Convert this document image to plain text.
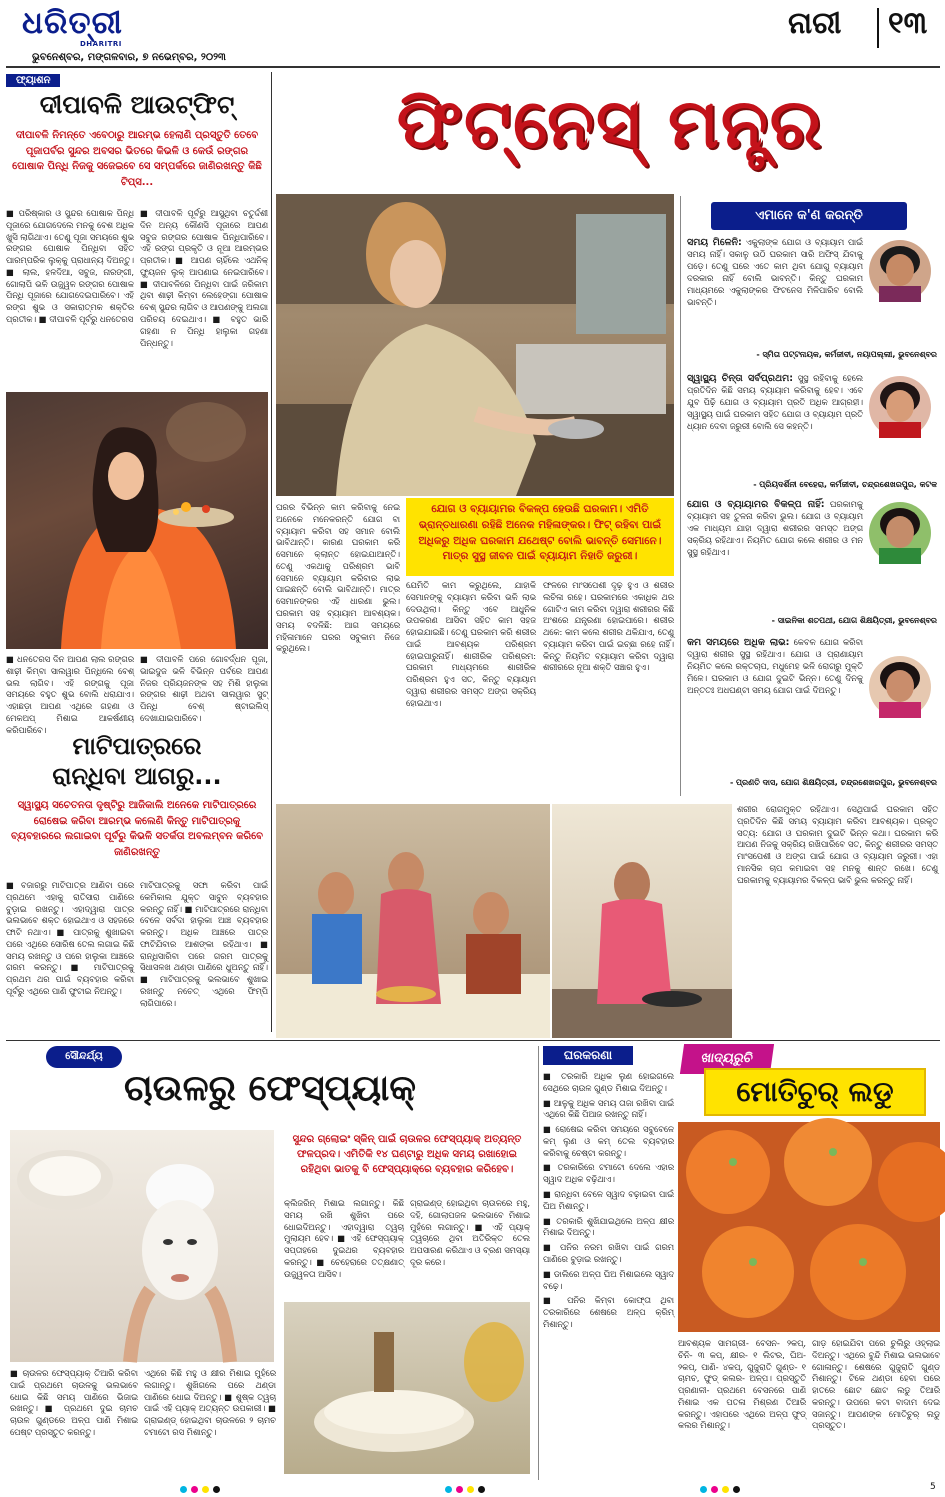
ଧରିତ୍ରୀ
DHARITRI
ଭୁବନେଶ୍ବର, ମଙ୍ଗଳବାର, ୭ ନଭେମ୍ବର, ୨୦୨୩
ନାରୀ ୧୩
ଫ୍ୟାଶନ
ଦୀପାବଳି ଆଉଟ୍‌ଫିଟ୍‌
ଦୀପାବଳି ନିମନ୍ତେ ଏବେଠାରୁ ଆରମ୍ଭ ହେଲାଣି ପ୍ରସ୍ତୁତି ତେବେ ପୂଜାପର୍ବର ସୁନ୍ଦର ଅବସର ଭିତରେ କିଭଳି ଓ କେଉଁ ରଙ୍ଗର ପୋଷାକ ପିନ୍ଧି ନିଜକୁ ସଜେଇବେ ସେ ସମ୍ପର୍କରେ ଜାଣିରଖନ୍ତୁ କିଛି ଟିପ୍ସ...
■ ପରିଷ୍କାର ଓ ସୁନ୍ଦର ପୋଷାକ ପିନ୍ଧି ପୂଜାରେ ଯୋଗଦେଲେ ମନକୁ ବେଶ ଅଧିକ ଖୁସି ଲାଗିଥାଏ। ତେଣୁ ପୂଜା ସମୟରେ ଶୁଭ ରଙ୍ଗର ପୋଷାକ ପିନ୍ଧିବା ସହିତ ପାରମ୍ପରିକ ଲୁକ୍‌କୁ ପ୍ରାଧାନ୍ୟ ଦିଅନ୍ତୁ। ■ ଲାଲ, ହଳଦିଆ, ସବୁଜ, ନାରଙ୍ଗୀ, ଗୋଲାପି ଭଳି ଉଜ୍ଜ୍ୱଳ ରଙ୍ଗର ପୋଷାକ ପିନ୍ଧି ପୂଜାରେ ଯୋଗଦେଇପାରିବେ। ଏହି ରଙ୍ଗ ଶୁଭ ଓ ସକାରାତ୍ମକ ଶକ୍ତିର ପ୍ରତୀକ। ■ ଦୀପାବଳି ପୂର୍ବରୁ ଧନତେରସ
■ ଦୀପାବଳି ପୂର୍ବରୁ ଆସୁଥିବା ଚତୁର୍ଦ୍ଦଶୀ ଦିନ ଅନ୍ୟ କୌଣସି ପୂଜାରେ ଆପଣ ସବୁଜ ରଙ୍ଗର ପୋଷାକ ପିନ୍ଧିପାରିବେ। ଏହି ରଙ୍ଗ ପ୍ରକୃତି ଓ ନୂଆ ଆରମ୍ଭର ପ୍ରତୀକ। ■ ଆପଣ ଚାହିଁଲେ ଏଥନିକ୍ ଫ୍ୟୁଜନ ଲୁକ୍ ଆପଣାଇ ନେଇପାରିବେ। ■ ଦୀପାବଳିରେ ପିନ୍ଧିବା ପାଇଁ ଜରିକାମ ଥିବା ଶାଢ଼ୀ କିମ୍ବା ଲେହେଙ୍ଗା ପୋଷାକ ବେଶ୍ ସୁନ୍ଦର ଲାଗିବ ଓ ଆପଣଙ୍କୁ ଅଲଗା ପରିଚୟ ଦେଇଥାଏ। ■ ବହୁତ ଭାରି ଗହଣା ନ ପିନ୍ଧି ହାଲୁକା ଗହଣା ପିନ୍ଧନ୍ତୁ।
■ ଧନତେରସ ଦିନ ଆପଣ ଲାଲ ରଙ୍ଗର ଶାଢ଼ୀ କିମ୍ବା ସାଲୱାର ପିନ୍ଧିଲେ ବେଶ୍ ଭଲ ଲାଗିବ। ଏହି ରଙ୍ଗକୁ ପୂଜା ସମୟରେ ବହୁତ ଶୁଭ ବୋଲି ଧରାଯାଏ। ଏହାଛଡ଼ା ଆପଣ ଏଥିରେ ଗହଣା ଓ ମେକଅପ୍ ମିଶାଇ ଆକର୍ଷଣୀୟ କରିପାରିବେ।
■ ଦୀପାବଳି ପରେ ଗୋବର୍ଦ୍ଧନ ପୂଜା, ଭାଇଦୁଜ ଭଳି ବିଭିନ୍ନ ପର୍ବରେ ଆପଣ ନିଜର ପ୍ରିୟଜନଙ୍କ ସହ ମିଶି ହାଲୁକା ରଙ୍ଗର ଶାଢ଼ୀ ଅଥବା ସାଲୱାର ସୁଟ୍ ପିନ୍ଧି ବେଶ୍ ଷ୍ଟାଇଲିସ୍ ଦେଖାଯାଇପାରିବେ।
ମାଟିପାତ୍ରରେ
ରାନ୍ଧିବା ଆଗରୁ...
ସ୍ୱାସ୍ଥ୍ୟ ସଚେତନତା ଦୃଷ୍ଟିରୁ ଆଜିକାଲି ଅନେକେ ମାଟିପାତ୍ରରେ ରୋଷେଇ କରିବା ଆରମ୍ଭ କଲେଣି କିନ୍ତୁ ମାଟିପାତ୍ରକୁ ବ୍ୟବହାରରେ ଲଗାଇବା ପୂର୍ବରୁ କିଭଳି ସତର୍କତା ଅବଲମ୍ବନ କରିବେ ଜାଣିରଖନ୍ତୁ
■ ବଜାରରୁ ମାଟିପାତ୍ର ଆଣିବା ପରେ ପ୍ରଥମେ ଏହାକୁ ରାତିସାରା ପାଣିରେ ବୁଡ଼ାଇ ରଖନ୍ତୁ। ଏହାଦ୍ୱାରା ପାତ୍ର ଭଲଭାବେ ଶକ୍ତ ହୋଇଥାଏ ଓ ସହଜରେ ଫାଟି ନଥାଏ। ■ ପାତ୍ରକୁ ଶୁଖାଇବା ପରେ ଏଥିରେ ସୋରିଷ ତେଲ ଲଗାଇ କିଛି ସମୟ ରଖନ୍ତୁ ଓ ପରେ ହାଲୁକା ଆଞ୍ଚରେ ଗରମ କରନ୍ତୁ। ■ ମାଟିପାତ୍ରକୁ ପ୍ରଥମ ଥର ପାଇଁ ବ୍ୟବହାର କରିବା ପୂର୍ବରୁ ଏଥିରେ ପାଣି ଫୁଟାଇ ନିଅନ୍ତୁ।
ମାଟିପାତ୍ରକୁ ସଫା କରିବା ପାଇଁ କେମିକାଲ ଯୁକ୍ତ ସାବୁନ ବ୍ୟବହାର କରନ୍ତୁ ନାହିଁ। ■ ମାଟିପାତ୍ରରେ ରାନ୍ଧିବା ବେଳେ ସର୍ବଦା ହାଲୁକା ଆଞ୍ଚ ବ୍ୟବହାର କରନ୍ତୁ। ଅଧିକ ଆଞ୍ଚରେ ପାତ୍ର ଫାଟିଯିବାର ଆଶଙ୍କା ରହିଥାଏ। ■ ରାନ୍ଧିସାରିବା ପରେ ଗରମ ପାତ୍ରକୁ ସିଧାସଳଖ ଥଣ୍ଡା ପାଣିରେ ଧୁଅନ୍ତୁ ନାହିଁ। ■ ମାଟିପାତ୍ରକୁ ଭଲଭାବେ ଶୁଖାଇ ରଖନ୍ତୁ ନଚେତ୍ ଏଥିରେ ଫିମ୍ପି ଲାଗିପାରେ।
ଫିଟ୍‌ନେସ୍ ମନ୍ତ୍ର
ଯୋଗ ଓ ବ୍ୟାୟାମର ବିକଳ୍ପ ହେଉଛି ଘରକାମ। ଏମିତି ଭ୍ରାନ୍ତଧାରଣା ରହିଛି ଅନେକ ମହିଳାଙ୍କର। ଫିଟ୍ ରହିବା ପାଇଁ ଅଧିକରୁ ଅଧିକ ଘରକାମ ଯଥେଷ୍ଟ ବୋଲି ଭାବନ୍ତି ସେମାନେ। ମାତ୍ର ସୁସ୍ଥ ଜୀବନ ପାଇଁ ବ୍ୟାୟାମ ନିହାତି ଜରୁରୀ।
ଘରର ବିଭିନ୍ନ କାମ କରିବାକୁ ନେଇ ଅନେକେ ମନେକରନ୍ତି ଯୋଗ ବା ବ୍ୟାୟାମ କରିବା ସହ ସମାନ ବୋଲି ଭାବିଥାନ୍ତି। କାରଣ ଘରକାମ କରି ସେମାନେ କ୍ଲାନ୍ତ ହୋଇଯାଆନ୍ତି। ତେଣୁ ଏକଥାକୁ ପରିଶ୍ରମ ଭାବି ସେମାନେ ବ୍ୟାୟାମ କରିବାର ଲାଭ ପାଇଛନ୍ତି ବୋଲି ଭାବିଥାନ୍ତି। ମାତ୍ର ସେମାନଙ୍କର ଏହି ଧାରଣା ଭୁଲ। ଘରକାମ ସହ ବ୍ୟାୟାମ ଆବଶ୍ୟକ। ସମୟ ବଦଳିଛି: ଆଗ ସମୟରେ ମହିଳାମାନେ ଘରର ସବୁକାମ ନିଜେ କରୁଥିଲେ।
ଯେମିତି କାମ କରୁଥିଲେ, ଯାହାକି ସେମାନଙ୍କୁ ବ୍ୟାୟାମ କରିବା ଭଳି ଲାଭ ଦେଉଥିଲା। କିନ୍ତୁ ଏବେ ଆଧୁନିକ ଉପକରଣ ଆସିବା ସହିତ କାମ ସହଜ ହୋଇଯାଇଛି। ତେଣୁ ଘରକାମ କରି ଶରୀର ପାଇଁ ଆବଶ୍ୟକ ପରିଶ୍ରମ ହୋଇପାରୁନାହିଁ। ଶାରୀରିକ ପରିଶ୍ରମ: ଘରକାମ ମାଧ୍ୟମରେ ଶାରୀରିକ ପରିଶ୍ରମ ହୁଏ ସତ, କିନ୍ତୁ ବ୍ୟାୟାମ ଦ୍ୱାରା ଶରୀରର ସମସ୍ତ ଅଙ୍ଗ ସକ୍ରିୟ ହୋଇଥାଏ।
ଫଳରେ ମାଂସପେଶୀ ଦୃଢ଼ ହୁଏ ଓ ଶରୀର ଲଚିଳା ରହେ। ଘରକାମରେ ଏକାଧିକ ଥର ଗୋଟିଏ କାମ କରିବା ଦ୍ୱାରା ଶରୀରର କିଛି ଅଂଶରେ ଯନ୍ତ୍ରଣା ହୋଇପାରେ। ଶରୀର ଥକେ: କାମ କଲେ ଶରୀର ଥକିଯାଏ, ତେଣୁ ବ୍ୟାୟାମ କରିବା ପାଇଁ ଇଚ୍ଛା ରହେ ନାହିଁ। କିନ୍ତୁ ନିୟମିତ ବ୍ୟାୟାମ କରିବା ଦ୍ୱାରା ଶରୀରରେ ନୂଆ ଶକ୍ତି ସଞ୍ଚାର ହୁଏ।
ଏମାନେ କ'ଣ କରନ୍ତି
ସମୟ ମିଳେନି: ଏକୁଲାଙ୍କ ଯୋଗ ଓ ବ୍ୟାୟାମ ପାଇଁ ସମୟ ନାହିଁ। ସକାଳୁ ଉଠି ଘରକାମ ସାରି ଅଫିସ୍ ଯିବାକୁ ପଡ଼େ। ତେଣୁ ଘରେ ଏତେ କାମ ଥିବା ଯୋଗୁ ବ୍ୟାୟାମ ଦରକାର ନାହିଁ ବୋଲି ଭାବନ୍ତି। କିନ୍ତୁ ଘରକାମ ମାଧ୍ୟମରେ ଏକୁଲାଙ୍କର ଫିଟନେସ ମିଳିପାରିବ ବୋଲି ଭାବନ୍ତି।
- ସ୍ମିତା ପଟ୍ଟନାୟକ, କର୍ମଜୀବୀ, ନୟାପଲ୍ଲୀ, ଭୁବନେଶ୍ବର
ସ୍ୱାସ୍ଥ୍ୟ ଚିନ୍ତା ସର୍ବପ୍ରଥମ: ସୁସ୍ଥ ରହିବାକୁ ହେଲେ ପ୍ରତିଦିନ କିଛି ସମୟ ବ୍ୟାୟାମ କରିବାକୁ ହେବ। ଏବେ ଯୁବ ପିଢ଼ି ଯୋଗ ଓ ବ୍ୟାୟାମ ପ୍ରତି ଅଧିକ ଆଗ୍ରହୀ। ସ୍ୱାସ୍ଥ୍ୟ ପାଇଁ ଘରକାମ ସହିତ ଯୋଗ ଓ ବ୍ୟାୟାମ ପ୍ରତି ଧ୍ୟାନ ଦେବା ଜରୁରୀ ବୋଲି ସେ କହନ୍ତି।
- ପ୍ରିୟଦର୍ଶିନୀ ବେହେରା, କର୍ମଜୀବୀ, ଚନ୍ଦ୍ରଶେଖରପୁର, କଟକ
ଯୋଗ ଓ ବ୍ୟାୟାମର ବିକଳ୍ପ ନାହିଁ: ଘରକାମକୁ ବ୍ୟାୟାମ ସହ ତୁଳନା କରିବା ଭୁଲ। ଯୋଗ ଓ ବ୍ୟାୟାମ ଏକ ମାଧ୍ୟମ ଯାହା ଦ୍ୱାରା ଶରୀରର ସମସ୍ତ ଅଙ୍ଗ ସକ୍ରିୟ ରହିଥାଏ। ନିୟମିତ ଯୋଗ କଲେ ଶରୀର ଓ ମନ ସୁସ୍ଥ ରହିଥାଏ।
- ସାଇନିକା ଶତପଥୀ, ଯୋଗ ଶିକ୍ଷୟିତ୍ରୀ, ଭୁବନେଶ୍ବର
କମ ସମୟରେ ଅଧିକ ଲାଭ: କେବଳ ଯୋଗ କରିବା ଦ୍ୱାରା ଶରୀର ସୁସ୍ଥ ରହିଥାଏ। ଯୋଗ ଓ ପ୍ରାଣାୟାମ ନିୟମିତ କଲେ ରକ୍ତଚାପ, ମଧୁମେହ ଭଳି ରୋଗରୁ ମୁକ୍ତି ମିଳେ। ଘରକାମ ଓ ଯୋଗ ଦୁଇଟି ଭିନ୍ନ। ତେଣୁ ଦିନକୁ ଅନ୍ତତଃ ଅଧଘଣ୍ଟା ସମୟ ଯୋଗ ପାଇଁ ଦିଅନ୍ତୁ।
- ପ୍ରଣତି ଦାସ, ଯୋଗ ଶିକ୍ଷୟିତ୍ରୀ, ଚନ୍ଦ୍ରଶେଖରପୁର, ଭୁବନେଶ୍ବର
ଶରୀର ରୋଗମୁକ୍ତ ରହିଥାଏ। ସେଥିପାଇଁ ଘରକାମ ସହିତ ପ୍ରତିଦିନ କିଛି ସମୟ ବ୍ୟାୟାମ କରିବା ଆବଶ୍ୟକ। ପ୍ରକୃତ ସତ୍ୟ: ଯୋଗ ଓ ଘରକାମ ଦୁଇଟି ଭିନ୍ନ କଥା। ଘରକାମ କରି ଆପଣ ନିଜକୁ ସକ୍ରିୟ ରଖିପାରିବେ ସତ, କିନ୍ତୁ ଶରୀରର ସମସ୍ତ ମାଂସପେଶୀ ଓ ଅଙ୍ଗ ପାଇଁ ଯୋଗ ଓ ବ୍ୟାୟାମ ଜରୁରୀ। ଏହା ମାନସିକ ଚାପ କମାଇବା ସହ ମନକୁ ଶାନ୍ତ ରଖେ। ତେଣୁ ଘରକାମକୁ ବ୍ୟାୟାମର ବିକଳ୍ପ ଭାବି ଭୁଲ କରନ୍ତୁ ନାହିଁ।
ସୌନ୍ଦର୍ଯ୍ୟ
ଚାଉଳରୁ ଫେସ୍‌ପ୍ୟାକ୍
ସୁନ୍ଦର ଗ୍ଲୋଇଂ ସ୍କିନ୍ ପାଇଁ ଚାଉଳର ଫେସ୍‌ପ୍ୟାକ୍ ଅତ୍ୟନ୍ତ ଫଳପ୍ରଦ। ଏମିତିକି ୧୪ ଘଣ୍ଟାରୁ ଅଧିକ ସମୟ ରଖାହୋଇ ରହିଥିବା ଭାତକୁ ବି ଫେସ୍‌ପ୍ୟାକ୍‌ରେ ବ୍ୟବହାର କରିହେବ।
କ୍ଲିଜରିନ୍ ମିଶାଇ ଲଗାନ୍ତୁ। କିଛି ସମୟ ରଖି ଶୁଖିବା ପରେ ଧୋଇଦିଅନ୍ତୁ। ଏହାଦ୍ୱାରା ତ୍ୱଚା ମୁଲାୟମ ହେବ। ■ ଏହି ଫେସ୍‌ପ୍ୟାକ୍ ସପ୍ତାହରେ ଦୁଇଥର ବ୍ୟବହାର କରନ୍ତୁ। ■ ଚେହେରାରେ ତତ୍‌କ୍ଷଣାତ୍ ଉଜ୍ଜ୍ୱଳତା ଆସିବ।
ଗ୍ରାଇଣ୍ଡ୍ ହୋଇଥିବା ଚାଉଳରେ ମହୁ, ଦହି, ଗୋଲାପଜଳ ଭଲଭାବେ ମିଶାଇ ମୁହଁରେ ଲଗାନ୍ତୁ। ■ ଏହି ପ୍ୟାକ୍ ତ୍ୱଚାରେ ଥିବା ଅତିରିକ୍ତ ତେଲ ଅପସାରଣ କରିଥାଏ ଓ ବ୍ରଣ ସମସ୍ୟା ଦୂର କରେ।
■ ଚାଉଳର ଫେସ୍‌ପ୍ୟାକ୍ ତିଆରି କରିବା ପାଇଁ ପ୍ରଥମେ ଚାଉଳକୁ ଭଲଭାବେ ଧୋଇ କିଛି ସମୟ ପାଣିରେ ଭିଜାଇ ରଖନ୍ତୁ। ■ ପ୍ରଥମେ ଦୁଇ ଚାମଚ ଚାଉଳ ଗୁଣ୍ଡରେ ଅଳ୍ପ ପାଣି ମିଶାଇ ପେଷ୍ଟ ପ୍ରସ୍ତୁତ କରନ୍ତୁ।
ଏଥିରେ କିଛି ମହୁ ଓ କ୍ଷୀର ମିଶାଇ ମୁହଁରେ ଲଗାନ୍ତୁ। ଶୁଖିଗଲେ ପରେ ଥଣ୍ଡା ପାଣିରେ ଧୋଇ ଦିଅନ୍ତୁ। ■ ଶୁଷ୍କ ତ୍ୱଚା ପାଇଁ ଏହି ପ୍ୟାକ୍ ଅତ୍ୟନ୍ତ ଉପକାରୀ। ■ ଗ୍ରାଇଣ୍ଡ୍ ହୋଇଥିବା ଚାଉଳରେ ୨ ଚାମଚ ଟମାଟୋ ରସ ମିଶାନ୍ତୁ।
ଘରକରଣା

■ ତରକାରି ଅଧିକ ଲୁଣ ହୋଇଗଲେ ସେଥିରେ ଚାଉଳ ଗୁଣ୍ଡ ମିଶାଇ ଦିଅନ୍ତୁ।

■ ଆଳୁକୁ ଅଧିକ ସମୟ ତାଜା ରଖିବା ପାଇଁ ଏଥିରେ କିଛି ପିଆଜ ରଖନ୍ତୁ ନାହିଁ।

■ ରୋଷେଇ କରିବା ସମୟରେ ସବୁବେଳେ କମ୍ ଲୁଣ ଓ କମ୍ ତେଲ ବ୍ୟବହାର କରିବାକୁ ଚେଷ୍ଟା କରନ୍ତୁ।

■ ତରକାରିରେ ଟମାଟୋ ଦେଲେ ଏହାର ସ୍ୱାଦ ଅଧିକ ବଢ଼ିଥାଏ।

■ ରାନ୍ଧିବା ବେଳେ ସ୍ୱାଦ ବଢ଼ାଇବା ପାଇଁ ଘିଅ ମିଶାନ୍ତୁ।

■ ତରକାରି ଶୁଖିଯାଇଥିଲେ ଅଳ୍ପ କ୍ଷୀର ମିଶାଇ ଦିଅନ୍ତୁ।

■ ପନିର ନରମ ରଖିବା ପାଇଁ ଗରମ ପାଣିରେ ବୁଡ଼ାଇ ରଖନ୍ତୁ।

■ ଡାଲିରେ ଅଳ୍ପ ଘିଅ ମିଶାଇଲେ ସ୍ୱାଦ ବଢ଼େ।

■ ପନିର କିମ୍ବା କୋଫ୍ତା ଥିବା ତରକାରିରେ ଶେଷରେ ଅଳ୍ପ କ୍ରିମ୍ ମିଶାନ୍ତୁ।

ଖାଦ୍ୟରୁଚି
ମୋତିଚୁର୍ ଲଡୁ
ଆବଶ୍ୟକ ସାମଗ୍ରୀ- ବେସନ- ୨କପ୍, ଚିନି- ୩ କପ୍, କ୍ଷୀର- ୧ ଲିଟର, ଘିଅ- ୨କପ୍, ପାଣି- ୪କପ୍, ଗୁଜୁରାତି ଗୁଣ୍ଡ- ୧ ଚାମଚ, ଫୁଡ୍ କଲର- ଅଳ୍ପ। ପ୍ରସ୍ତୁତି ପ୍ରଣାଳୀ- ପ୍ରଥମେ ବେସନରେ ପାଣି ମିଶାଇ ଏକ ପତଳା ମିଶ୍ରଣ ତିଆରି କରନ୍ତୁ। ଏହାପରେ ଏଥିରେ ଅଳ୍ପ ଫୁଡ୍ କଲର ମିଶାନ୍ତୁ।
ଗାଡ଼ ହୋଇଯିବା ପରେ ଚୁଲିରୁ ଓହ୍ଲାଇ ଦିଅନ୍ତୁ। ଏଥିରେ ବୁନ୍ଦି ମିଶାଇ ଭଲଭାବେ ଗୋଳାନ୍ତୁ। ଶେଷରେ ଗୁଜୁରାତି ଗୁଣ୍ଡ ମିଶାନ୍ତୁ। ଟିକେ ଥଣ୍ଡା ହେବା ପରେ ହାତରେ ଛୋଟ ଛୋଟ ଲଡୁ ତିଆରି କରନ୍ତୁ। ଉପରେ କଟା ବାଦାମ ଦେଇ ସଜାନ୍ତୁ। ଆପଣଙ୍କ ମୋତିଚୁର୍ ଲଡୁ ପ୍ରସ୍ତୁତ।
5
